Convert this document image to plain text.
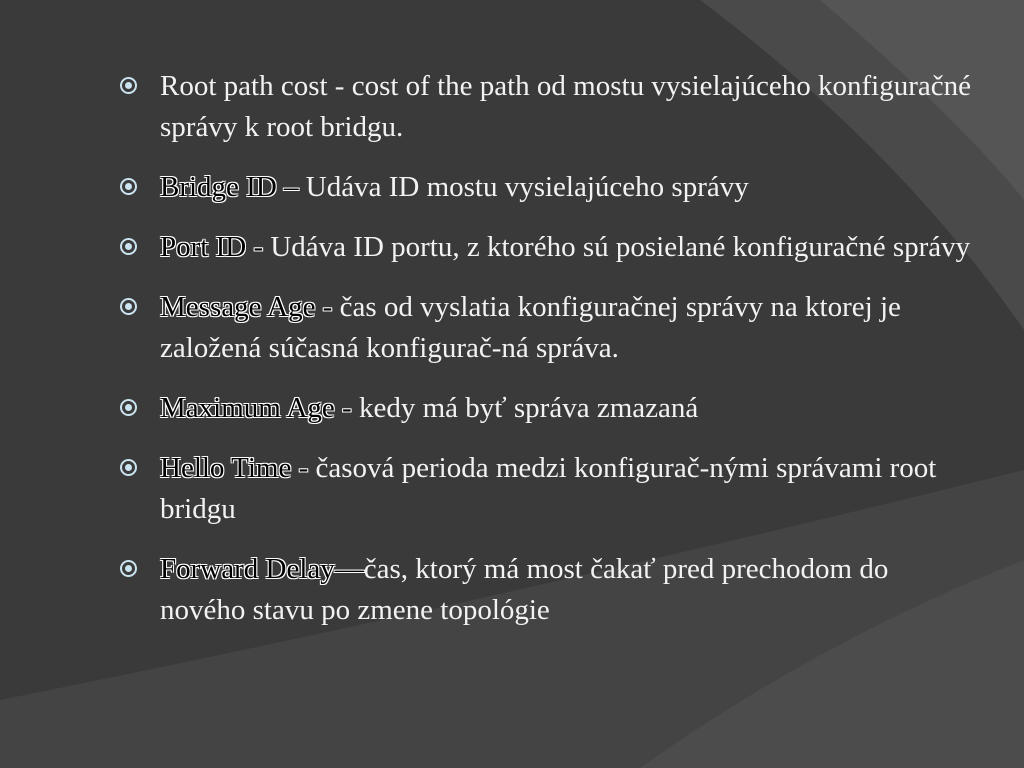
Root path cost - cost of the path od mostu vysielajúceho konfiguračné správy k root bridgu.
Bridge ID – Udáva ID mostu vysielajúceho správy
Port ID - Udáva ID portu, z ktorého sú posielané konfiguračné správy
Message Age - čas od vyslatia konfiguračnej správy na ktorej je založená súčasná konfigurač-ná správa.
Maximum Age - kedy má byť správa zmazaná
Hello Time - časová perioda medzi konfigurač-nými správami root bridgu
Forward Delay—čas, ktorý má most čakať pred prechodom do nového stavu po zmene topológie
